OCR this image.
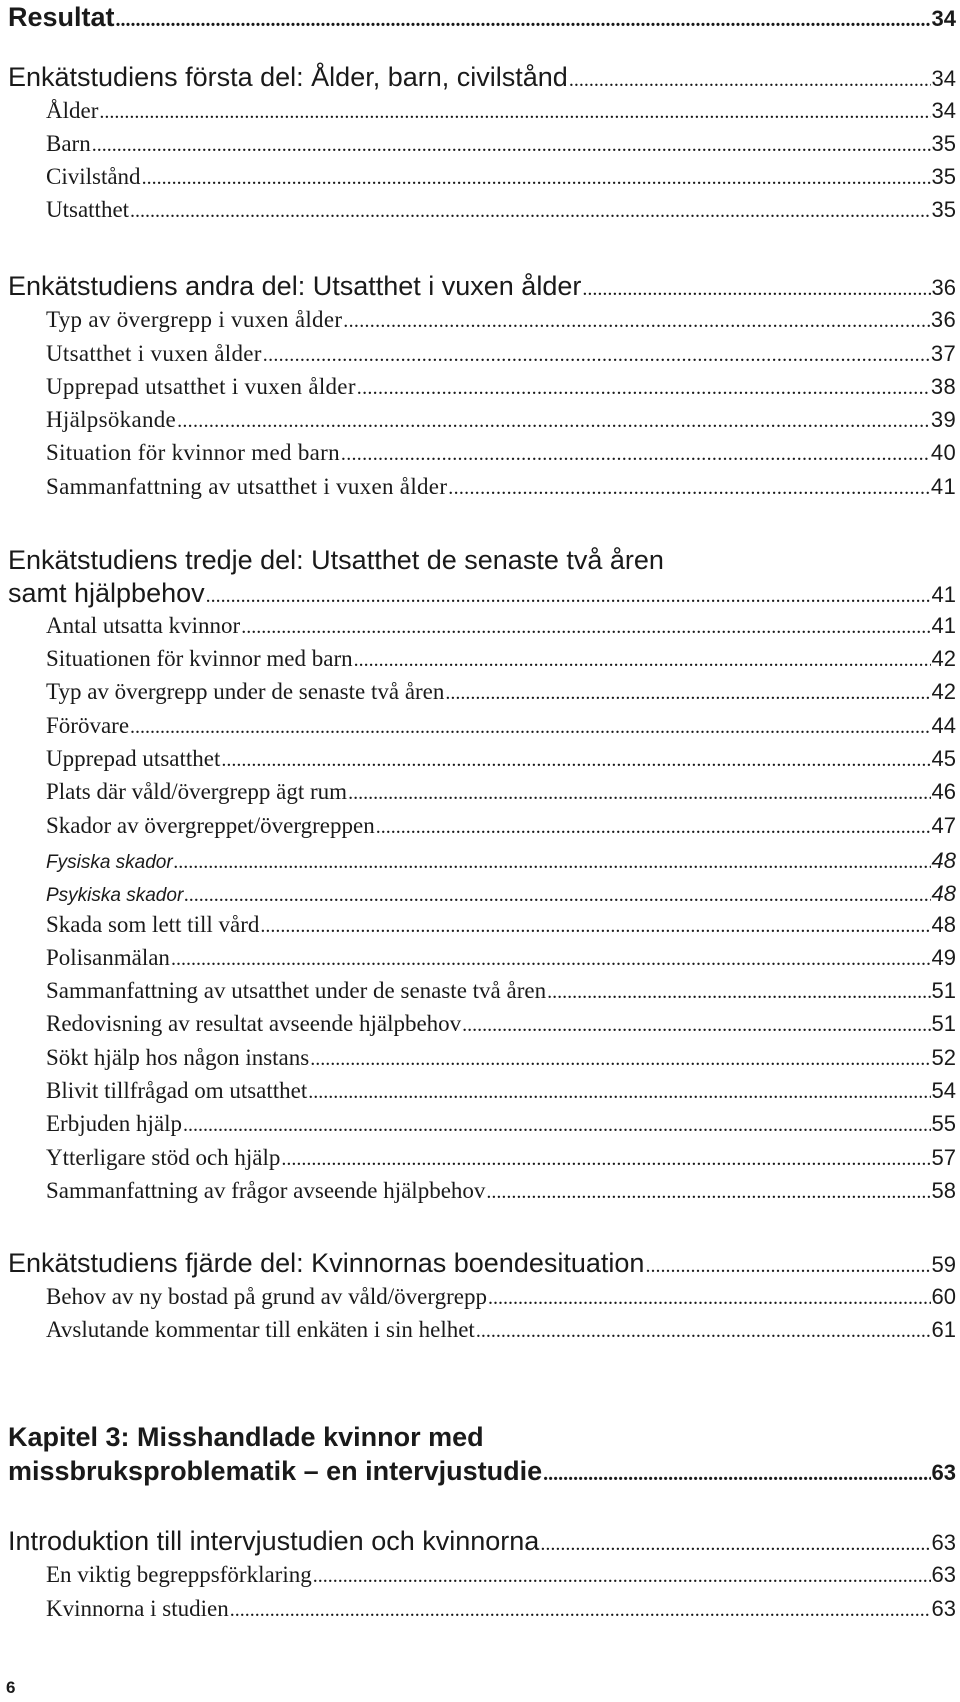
Resultat .....	34
Enkätstudiens första del: Ålder, barn, civilstånd .....	34
Ålder .....	34
Barn .....	35
Civilstånd .....	35
Utsatthet .....	35
Enkätstudiens andra del: Utsatthet i vuxen ålder .....	36
Typ av övergrepp i vuxen ålder .....	36
Utsatthet i vuxen ålder .....	37
Upprepad utsatthet i vuxen ålder .....	38
Hjälpsökande .....	39
Situation för kvinnor med barn .....	40
Sammanfattning av utsatthet i vuxen ålder .....	41
Enkätstudiens tredje del: Utsatthet de senaste två åren
samt hjälpbehov .....	41
Antal utsatta kvinnor .....	41
Situationen för kvinnor med barn .....	42
Typ av övergrepp under de senaste två åren .....	42
Förövare .....	44
Upprepad utsatthet .....	45
Plats där våld/övergrepp ägt rum .....	46
Skador av övergreppet/övergreppen .....	47
Fysiska skador .....	48
Psykiska skador .....	48
Skada som lett till vård .....	48
Polisanmälan .....	49
Sammanfattning av utsatthet under de senaste två åren .....	51
Redovisning av resultat avseende hjälpbehov .....	51
Sökt hjälp hos någon instans .....	52
Blivit tillfrågad om utsatthet .....	54
Erbjuden hjälp .....	55
Ytterligare stöd och hjälp .....	57
Sammanfattning av frågor avseende hjälpbehov .....	58
Enkätstudiens fjärde del: Kvinnornas boendesituation .....	59
Behov av ny bostad på grund av våld/övergrepp .....	60
Avslutande kommentar till enkäten i sin helhet .....	61
Kapitel 3: Misshandlade kvinnor med
missbruksproblematik – en intervjustudie .....	63
Introduktion till intervjustudien och kvinnorna .....	63
En viktig begreppsförklaring .....	63
Kvinnorna i studien .....	63
6
